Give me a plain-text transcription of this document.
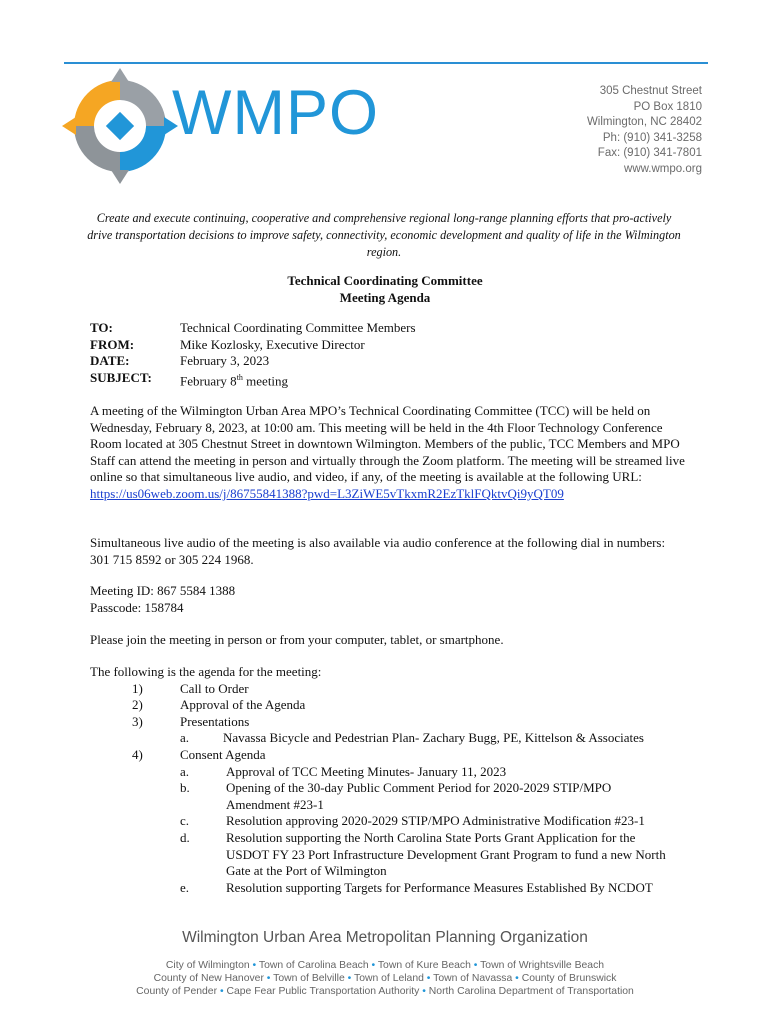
WMPO	305 Chestnut Street
PO Box 1810
Wilmington, NC 28402
Ph: (910) 341-3258
Fax: (910) 341-7801
www.wmpo.org
Create and execute continuing, cooperative and comprehensive regional long-range planning efforts that pro-actively drive transportation decisions to improve safety, connectivity, economic development and quality of life in the Wilmington region.
Technical Coordinating Committee
Meeting Agenda
TO:	Technical Coordinating Committee Members
FROM:	Mike Kozlosky, Executive Director
DATE:	February 3, 2023
SUBJECT:	February 8th meeting
A meeting of the Wilmington Urban Area MPO’s Technical Coordinating Committee (TCC) will be held on Wednesday, February 8, 2023, at 10:00 am. This meeting will be held in the 4th Floor Technology Conference Room located at 305 Chestnut Street in downtown Wilmington. Members of the public, TCC Members and MPO Staff can attend the meeting in person and virtually through the Zoom platform. The meeting will be streamed live online so that simultaneous live audio, and video, if any, of the meeting is available at the following URL:
https://us06web.zoom.us/j/86755841388?pwd=L3ZiWE5vTkxmR2EzTklFQktvQi9yQT09
Simultaneous live audio of the meeting is also available via audio conference at the following dial in numbers: 301 715 8592 or 305 224 1968.
Meeting ID: 867 5584 1388
Passcode: 158784
Please join the meeting in person or from your computer, tablet, or smartphone.
The following is the agenda for the meeting:
1)	Call to Order
2)	Approval of the Agenda
3)	Presentations
a.	Navassa Bicycle and Pedestrian Plan- Zachary Bugg, PE, Kittelson & Associates
4)	Consent Agenda
a.	Approval of TCC Meeting Minutes- January 11, 2023
b.	Opening of the 30-day Public Comment Period for 2020-2029 STIP/MPO Amendment #23-1
c.	Resolution approving 2020-2029 STIP/MPO Administrative Modification #23-1
d.	Resolution supporting the North Carolina State Ports Grant Application for the USDOT FY 23 Port Infrastructure Development Grant Program to fund a new North Gate at the Port of Wilmington
e.	Resolution supporting Targets for Performance Measures Established By NCDOT
Wilmington Urban Area Metropolitan Planning Organization
City of Wilmington • Town of Carolina Beach • Town of Kure Beach • Town of Wrightsville Beach
County of New Hanover • Town of Belville • Town of Leland • Town of Navassa • County of Brunswick
County of Pender • Cape Fear Public Transportation Authority • North Carolina Department of Transportation
